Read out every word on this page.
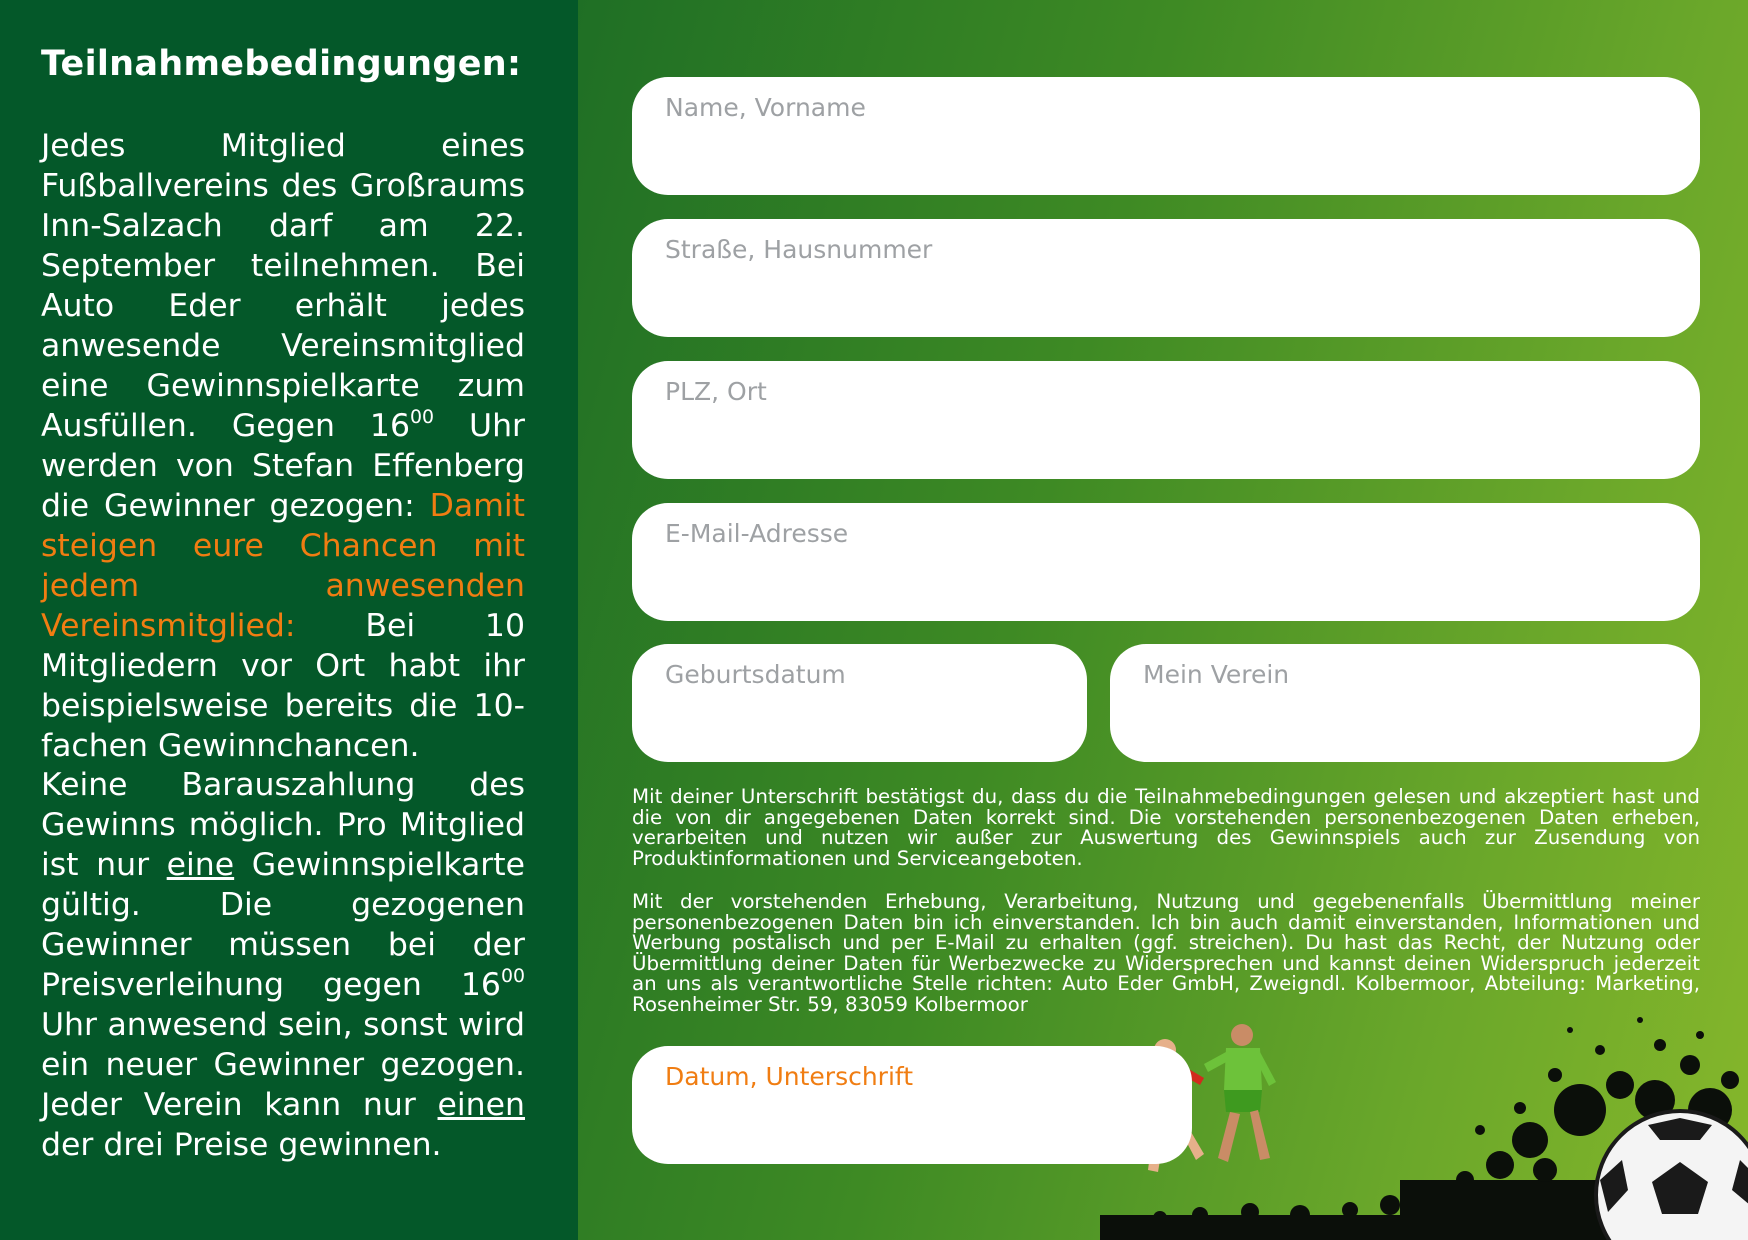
Teilnahmebedingungen:

Jedes Mitglied eines Fußballvereins des Großraums Inn-Salzach darf am 22. September teilnehmen. Bei Auto Eder erhält jedes anwesende Vereinsmitglied eine Gewinnspielkarte zum Ausfüllen. Gegen $16^{00}$ Uhr werden von Stefan Effenberg die Gewinner gezogen: Damit steigen eure Chancen mit jedem anwesenden Vereinsmitglied: Bei 10 Mitgliedern vor Ort habt ihr beispielsweise bereits die 10-fachen Gewinnchancen.

Keine Barauszahlung des Gewinns möglich. Pro Mitglied ist nur eine Gewinnspielkarte gültig. Die gezogenen Gewinner müssen bei der Preisverleihung gegen $16^{00}$ Uhr anwesend sein, sonst wird ein neuer Gewinner gezogen. Jeder Verein kann nur einen der drei Preise gewinnen.

Name, Vorname
Straße, Hausnummer
PLZ, Ort
E-Mail-Adresse
Geburtsdatum	Mein Verein

Mit deiner Unterschrift bestätigst du, dass du die Teilnahmebedingungen gelesen und akzeptiert hast und die von dir angegebenen Daten korrekt sind. Die vorstehenden personenbezogenen Daten erheben, verarbeiten und nutzen wir außer zur Auswertung des Gewinnspiels auch zur Zusendung von Produktinformationen und Serviceangeboten.

Mit der vorstehenden Erhebung, Verarbeitung, Nutzung und gegebenenfalls Übermittlung meiner personenbezogenen Daten bin ich einverstanden. Ich bin auch damit einverstanden, Informationen und Werbung postalisch und per E-Mail zu erhalten (ggf. streichen). Du hast das Recht, der Nutzung oder Übermittlung deiner Daten für Werbezwecke zu Widersprechen und kannst deinen Widerspruch jederzeit an uns als verantwortliche Stelle richten: Auto Eder GmbH, Zweigndl. Kolbermoor, Abteilung: Marketing, Rosenheimer Str. 59, 83059 Kolbermoor

Datum, Unterschrift
